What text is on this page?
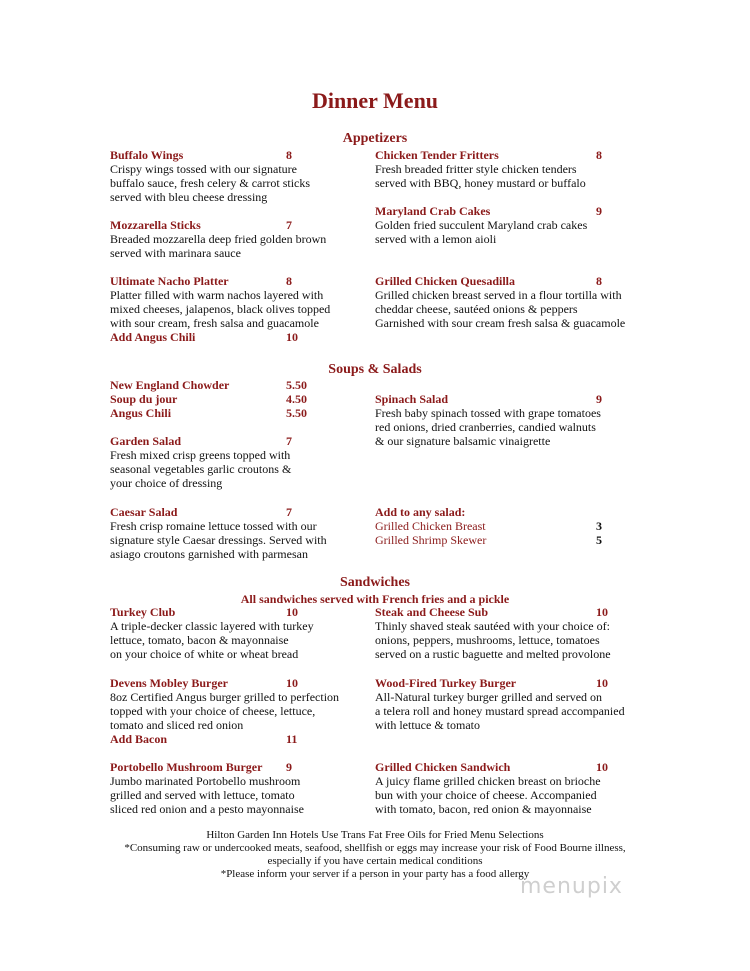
Dinner Menu
Appetizers
Buffalo Wings	8
Crispy wings tossed with our signature
buffalo sauce, fresh celery & carrot sticks
served with bleu cheese dressing
Mozzarella Sticks	7
Breaded mozzarella deep fried golden brown
served with marinara sauce
Ultimate Nacho Platter	8
Platter filled with warm nachos layered with
mixed cheeses, jalapenos, black olives topped
with sour cream, fresh salsa and guacamole
Add Angus Chili	10
Chicken Tender Fritters	8
Fresh breaded fritter style chicken tenders
served with BBQ, honey mustard or buffalo
Maryland Crab Cakes	9
Golden fried succulent Maryland crab cakes
served with a lemon aioli
Grilled Chicken Quesadilla	8
Grilled chicken breast served in a flour tortilla with
cheddar cheese, sautéed onions & peppers
Garnished with sour cream fresh salsa & guacamole
Soups & Salads
New England Chowder	5.50
Soup du jour	4.50
Angus Chili	5.50
Garden Salad	7
Fresh mixed crisp greens topped with
seasonal vegetables garlic croutons &
your choice of dressing
Caesar Salad	7
Fresh crisp romaine lettuce tossed with our
signature style Caesar dressings. Served with
asiago croutons garnished with parmesan
Spinach Salad	9
Fresh baby spinach tossed with grape tomatoes
red onions, dried cranberries, candied walnuts
& our signature balsamic vinaigrette
Add to any salad:
Grilled Chicken Breast	3
Grilled Shrimp Skewer	5
Sandwiches
All sandwiches served with French fries and a pickle
Turkey Club	10
A triple-decker classic layered with turkey
lettuce, tomato, bacon & mayonnaise
on your choice of white or wheat bread
Devens Mobley Burger	10
8oz Certified Angus burger grilled to perfection
topped with your choice of cheese, lettuce,
tomato and sliced red onion
Add Bacon	11
Portobello Mushroom Burger 9
Jumbo marinated Portobello mushroom
grilled and served with lettuce, tomato
sliced red onion and a pesto mayonnaise
Steak and Cheese Sub	10
Thinly shaved steak sautéed with your choice of:
onions, peppers, mushrooms, lettuce, tomatoes
served on a rustic baguette and melted provolone
Wood-Fired Turkey Burger	10
All-Natural turkey burger grilled and served on
a telera roll and honey mustard spread accompanied
with lettuce & tomato
Grilled Chicken Sandwich	10
A juicy flame grilled chicken breast on brioche
bun with your choice of cheese. Accompanied
with tomato, bacon, red onion & mayonnaise
Hilton Garden Inn Hotels Use Trans Fat Free Oils for Fried Menu Selections
*Consuming raw or undercooked meats, seafood, shellfish or eggs may increase your risk of Food Bourne illness,
especially if you have certain medical conditions
*Please inform your server if a person in your party has a food allergy
menupix
